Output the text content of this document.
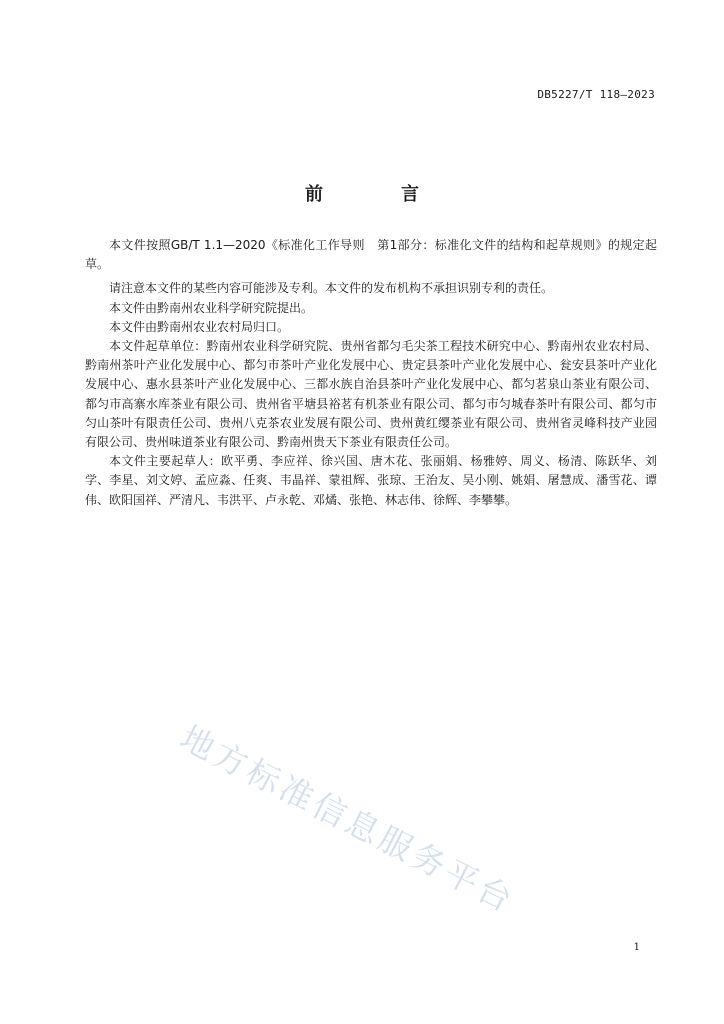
DB5227/T 118—2023
前　言

本文件按照GB/T 1.1—2020《标准化工作导则　第1部分：标准化文件的结构和起草规则》的规定起草。

请注意本文件的某些内容可能涉及专利。本文件的发布机构不承担识别专利的责任。

本文件由黔南州农业科学研究院提出。

本文件由黔南州农业农村局归口。

本文件起草单位：黔南州农业科学研究院、贵州省都匀毛尖茶工程技术研究中心、黔南州农业农村局、黔南州茶叶产业化发展中心、都匀市茶叶产业化发展中心、贵定县茶叶产业化发展中心、瓮安县茶叶产业化发展中心、惠水县茶叶产业化发展中心、三都水族自治县茶叶产业化发展中心、都匀茗泉山茶业有限公司、都匀市高寨水库茶业有限公司、贵州省平塘县裕茗有机茶业有限公司、都匀市匀城春茶叶有限公司、都匀市匀山茶叶有限责任公司、贵州八克茶农业发展有限公司、贵州黄红缨茶业有限公司、贵州省灵峰科技产业园有限公司、贵州味道茶业有限公司、黔南州贵天下茶业有限责任公司。

本文件主要起草人：欧平勇、李应祥、徐兴国、唐木花、张丽娟、杨雅婷、周义、杨清、陈跃华、刘学、李星、刘文婷、孟应淼、任爽、韦晶祥、蒙祖辉、张琼、王治友、吴小刚、姚娟、屠慧成、潘雪花、谭伟、欧阳国祥、严清凡、韦洪平、卢永乾、邓燏、张艳、林志伟、徐辉、李攀攀。

地方标准信息服务平台
1
